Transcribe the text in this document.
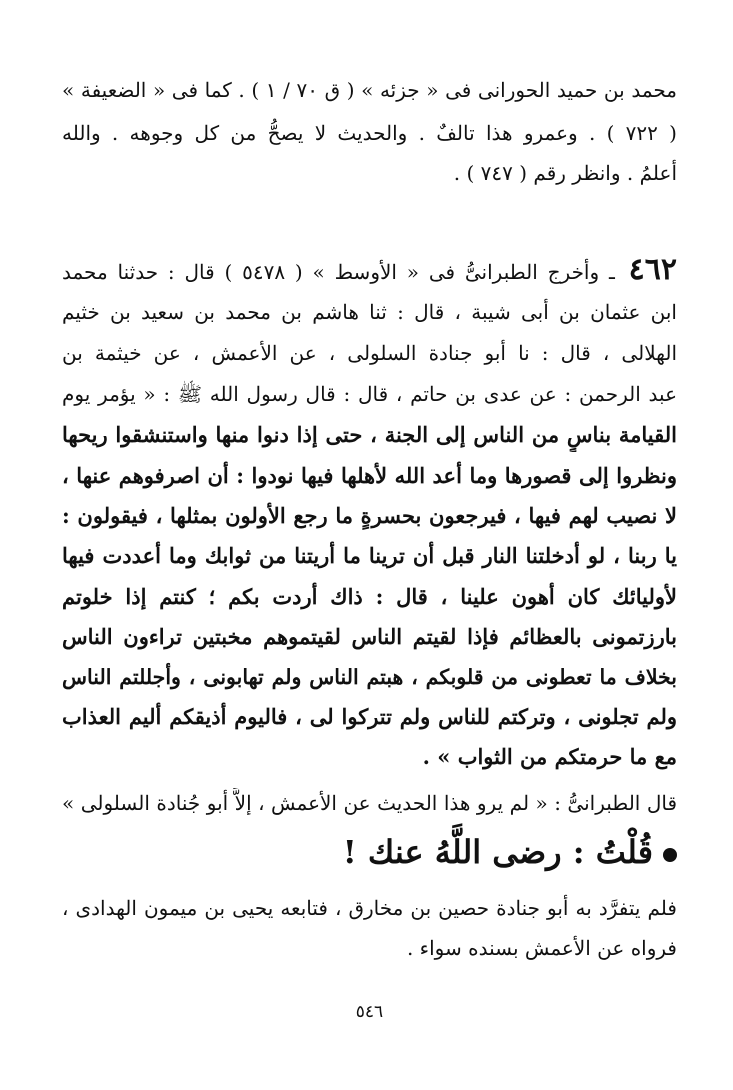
محمد بن حميد الحورانى فى « جزئه » ( ق ٧٠ / ١ ) . كما فى « الضعيفة »
( ٧٢٢ ) . وعمرو هذا تالفٌ . والحديث لا يصحُّ من كل وجوهه . والله
أعلمُ . وانظر رقم ( ٧٤٧ ) .
٤٦٢ ـ وأخرج الطبرانىُّ فى « الأوسط » ( ٥٤٧٨ ) قال : حدثنا محمد
ابن عثمان بن أبى شيبة ، قال : ثنا هاشم بن محمد بن سعيد بن خثيم
الهلالى ، قال : نا أبو جنادة السلولى ، عن الأعمش ، عن خيثمة بن
عبد الرحمن : عن عدى بن حاتم ، قال : قال رسول الله ﷺ : « يؤمر يوم
القيامة بناسٍ من الناس إلى الجنة ، حتى إذا دنوا منها واستنشقوا ريحها
ونظروا إلى قصورها وما أعد الله لأهلها فيها نودوا : أن اصرفوهم عنها ،
لا نصيب لهم فيها ، فيرجعون بحسرةٍ ما رجع الأولون بمثلها ، فيقولون :
يا ربنا ، لو أدخلتنا النار قبل أن ترينا ما أريتنا من ثوابك وما أعددت فيها
لأوليائك كان أهون علينا ، قال : ذاك أردت بكم ؛ كنتم إذا خلوتم
بارزتمونى بالعظائم فإذا لقيتم الناس لقيتموهم مخبتين تراءون الناس
بخلاف ما تعطونى من قلوبكم ، هبتم الناس ولم تهابونى ، وأجللتم الناس
ولم تجلونى ، وتركتم للناس ولم تتركوا لى ، فاليوم أذيقكم أليم العذاب
مع ما حرمتكم من الثواب » .
قال الطبرانىُّ : « لم يرو هذا الحديث عن الأعمش ، إلاَّ أبو جُنادة السلولى »
قُلْتُ : رضى اللَّهُ عنك !
فلم يتفرَّد به أبو جنادة حصين بن مخارق ، فتابعه يحيى بن ميمون الهدادى ،
فرواه عن الأعمش بسنده سواء .
٥٤٦
